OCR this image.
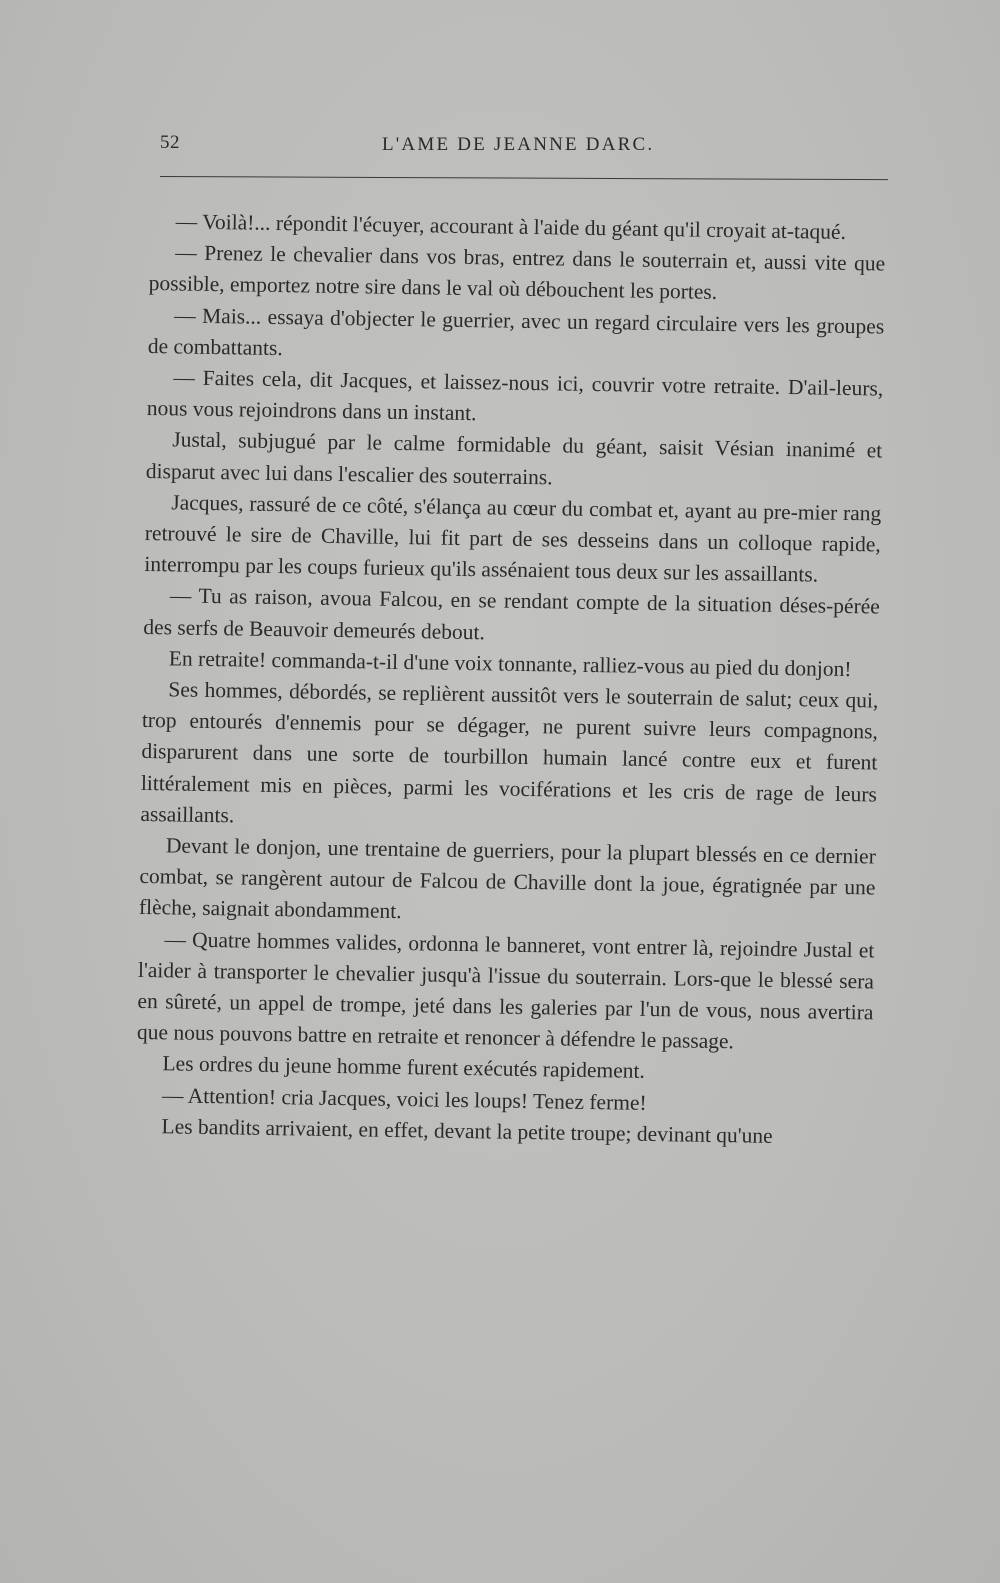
52	L'AME DE JEANNE DARC.

— Voilà!... répondit l'écuyer, accourant à l'aide du géant qu'il croyait at-taqué.

— Prenez le chevalier dans vos bras, entrez dans le souterrain et, aussi vite que possible, emportez notre sire dans le val où débouchent les portes.

— Mais... essaya d'objecter le guerrier, avec un regard circulaire vers les groupes de combattants.

— Faites cela, dit Jacques, et laissez-nous ici, couvrir votre retraite. D'ail-leurs, nous vous rejoindrons dans un instant.

Justal, subjugué par le calme formidable du géant, saisit Vésian inanimé et disparut avec lui dans l'escalier des souterrains.

Jacques, rassuré de ce côté, s'élança au cœur du combat et, ayant au pre-mier rang retrouvé le sire de Chaville, lui fit part de ses desseins dans un colloque rapide, interrompu par les coups furieux qu'ils assénaient tous deux sur les assaillants.

— Tu as raison, avoua Falcou, en se rendant compte de la situation déses-pérée des serfs de Beauvoir demeurés debout.

En retraite! commanda-t-il d'une voix tonnante, ralliez-vous au pied du donjon!

Ses hommes, débordés, se replièrent aussitôt vers le souterrain de salut; ceux qui, trop entourés d'ennemis pour se dégager, ne purent suivre leurs compagnons, disparurent dans une sorte de tourbillon humain lancé contre eux et furent littéralement mis en pièces, parmi les vociférations et les cris de rage de leurs assaillants.

Devant le donjon, une trentaine de guerriers, pour la plupart blessés en ce dernier combat, se rangèrent autour de Falcou de Chaville dont la joue, égratignée par une flèche, saignait abondamment.

— Quatre hommes valides, ordonna le banneret, vont entrer là, rejoindre Justal et l'aider à transporter le chevalier jusqu'à l'issue du souterrain. Lors-que le blessé sera en sûreté, un appel de trompe, jeté dans les galeries par l'un de vous, nous avertira que nous pouvons battre en retraite et renoncer à défendre le passage.

Les ordres du jeune homme furent exécutés rapidement.

— Attention! cria Jacques, voici les loups! Tenez ferme!

Les bandits arrivaient, en effet, devant la petite troupe; devinant qu'une
